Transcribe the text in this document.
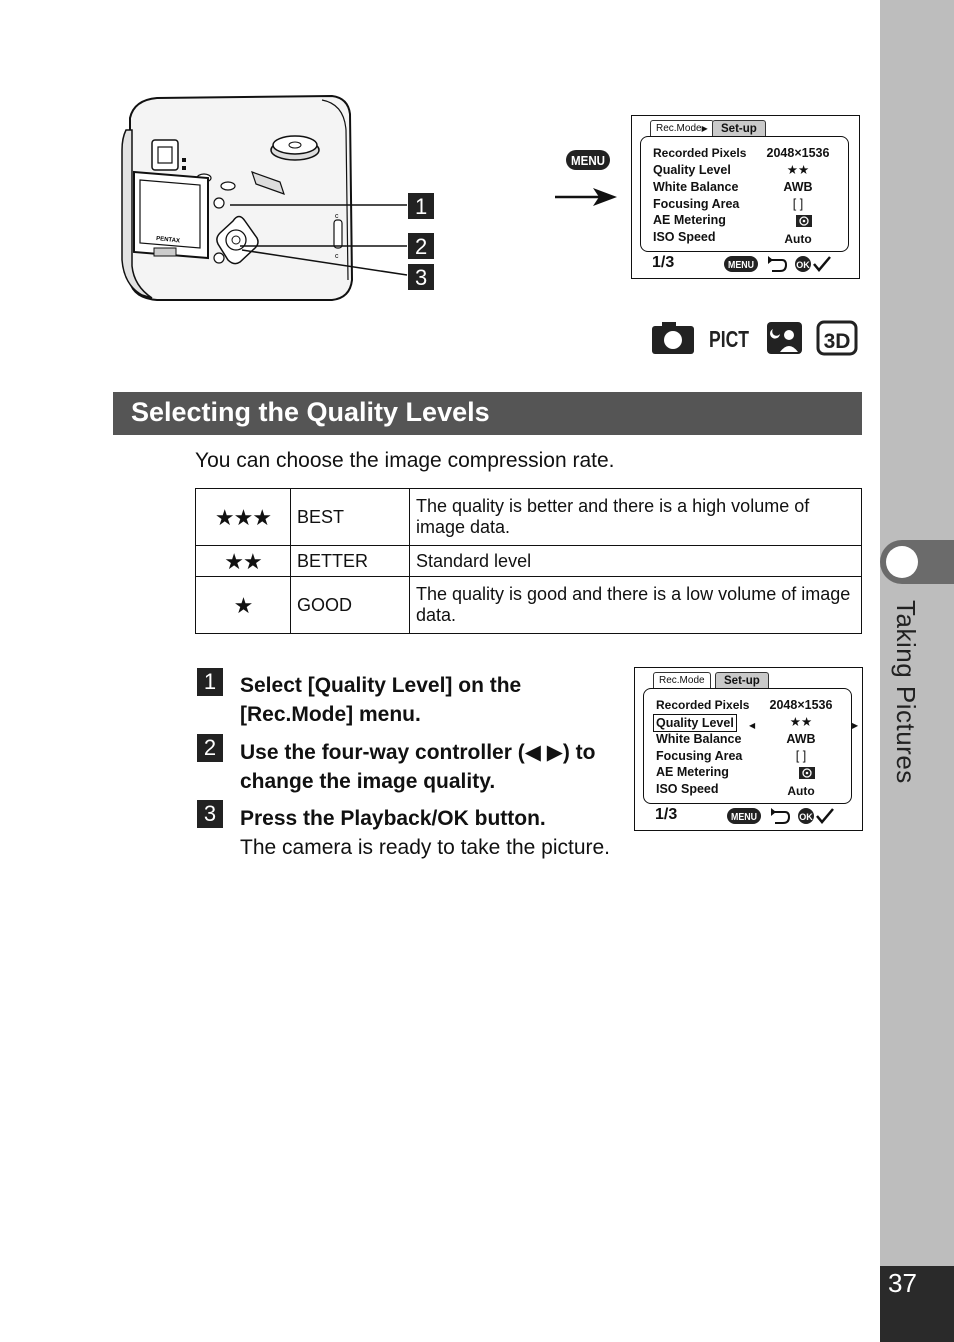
Taking Pictures
37
PENTAX
c
c
1
2
3
MENU
Rec.Mode▶	Set-up
Recorded Pixels 2048×1536
Quality Level	★★
White Balance	AWB
Focusing Area	[ ]
AE Metering
ISO Speed	Auto
1/3	MENU	OK
PICT	3D
Selecting the Quality Levels
You can choose the image compression rate.
★★★	BEST	The quality is better and there is a high volume of image data.
★★	BETTER	Standard level
★	GOOD	The quality is good and there is a low volume of image data.
1	Select [Quality Level] on the [Rec.Mode] menu.
2	Use the four-way controller (◀ ▶) to change the image quality.
3	Press the Playback/OK button.
The camera is ready to take the picture.
Rec.Mode	Set-up
Recorded Pixels 2048×1536
Quality Level	◀	★★	▶
White Balance	AWB
Focusing Area	[ ]
AE Metering
ISO Speed	Auto
1/3	MENU	OK
